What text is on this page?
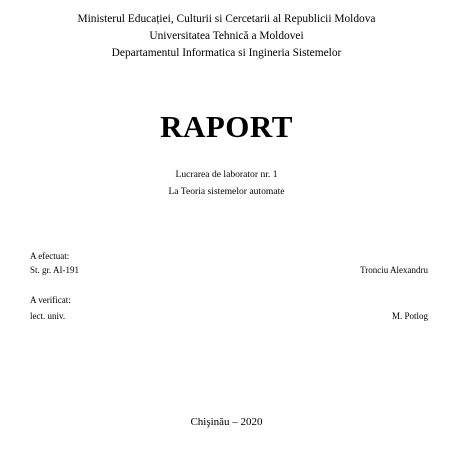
Ministerul Educației, Culturii si Cercetarii al Republicii Moldova
Universitatea Tehnică a Moldovei
Departamentul Informatica si Ingineria Sistemelor
RAPORT
Lucrarea de laborator nr. 1
La Teoria sistemelor automate
A efectuat:
St. gr. AI-191	Tronciu Alexandru
A verificat:
lect. univ.	M. Potlog
Chişinău – 2020
